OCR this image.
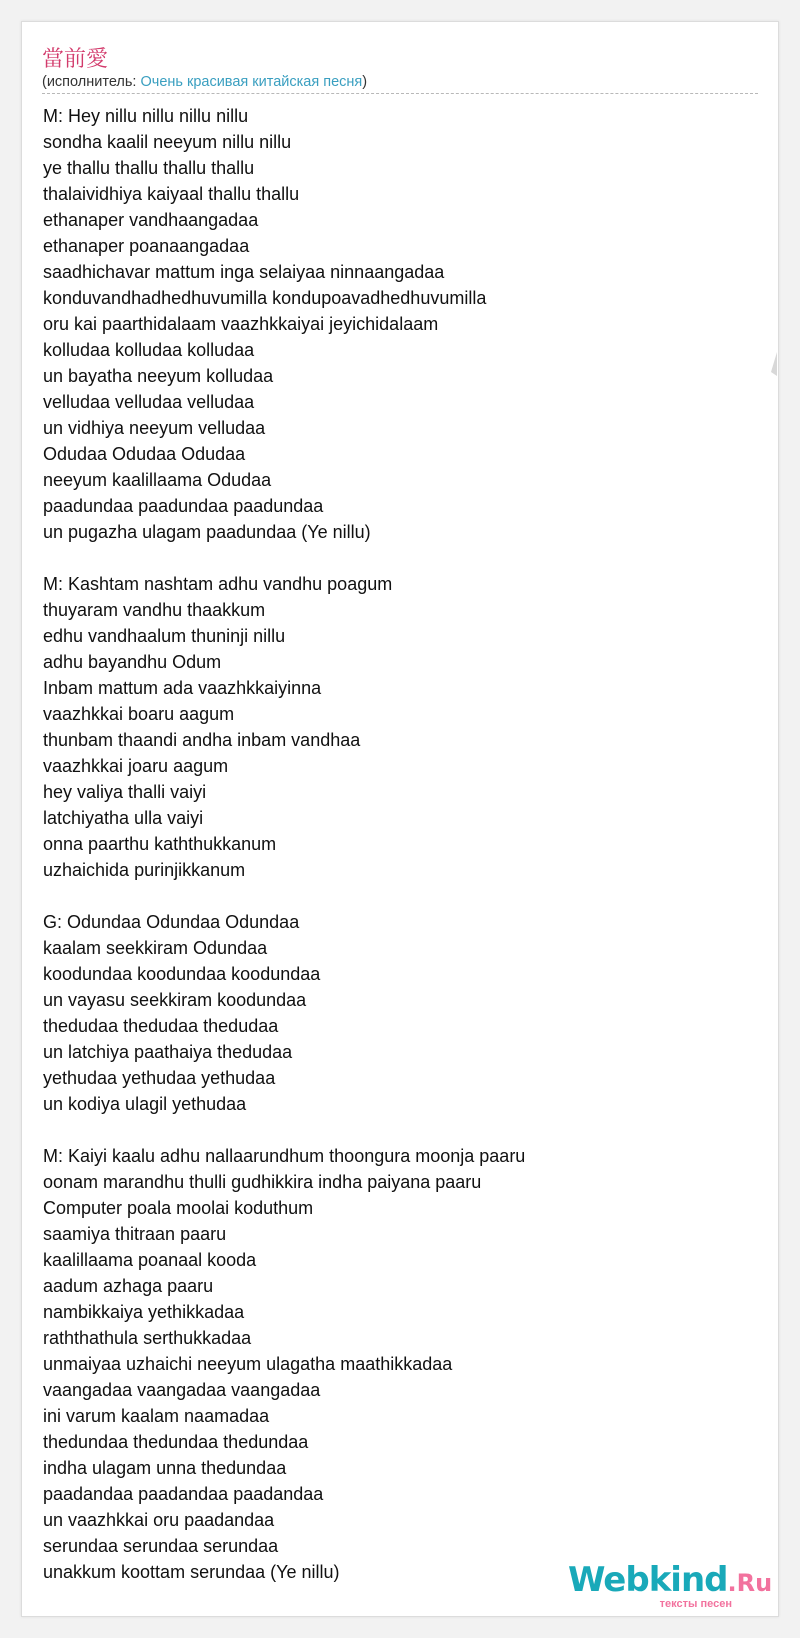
當前愛
(исполнитель: Очень красивая китайская песня)
M: Hey nillu nillu nillu nillu
sondha kaalil neeyum nillu nillu
ye thallu thallu thallu thallu
thalaividhiya kaiyaal thallu thallu
ethanaper vandhaangadaa
ethanaper poanaangadaa
saadhichavar mattum inga selaiyaa ninnaangadaa
konduvandhadhedhuvumilla kondupoavadhedhuvumilla
oru kai paarthidalaam vaazhkkaiyai jeyichidalaam
kolludaa kolludaa kolludaa
un bayatha neeyum kolludaa
velludaa velludaa velludaa
un vidhiya neeyum velludaa
Odudaa Odudaa Odudaa
neeyum kaalillaama Odudaa
paadundaa paadundaa paadundaa
un pugazha ulagam paadundaa (Ye nillu)
M: Kashtam nashtam adhu vandhu poagum
thuyaram vandhu thaakkum
edhu vandhaalum thuninji nillu
adhu bayandhu Odum
Inbam mattum ada vaazhkkaiyinna
vaazhkkai boaru aagum
thunbam thaandi andha inbam vandhaa
vaazhkkai joaru aagum
hey valiya thalli vaiyi
latchiyatha ulla vaiyi
onna paarthu kaththukkanum
uzhaichida purinjikkanum
G: Odundaa Odundaa Odundaa
kaalam seekkiram Odundaa
koodundaa koodundaa koodundaa
un vayasu seekkiram koodundaa
thedudaa thedudaa thedudaa
un latchiya paathaiya thedudaa
yethudaa yethudaa yethudaa
un kodiya ulagil yethudaa
M: Kaiyi kaalu adhu nallaarundhum thoongura moonja paaru
oonam marandhu thulli gudhikkira indha paiyana paaru
Computer poala moolai koduthum
saamiya thitraan paaru
kaalillaama poanaal kooda
aadum azhaga paaru
nambikkaiya yethikkadaa
raththathula serthukkadaa
unmaiyaa uzhaichi neeyum ulagatha maathikkadaa
vaangadaa vaangadaa vaangadaa
ini varum kaalam naamadaa
thedundaa thedundaa thedundaa
indha ulagam unna thedundaa
paadandaa paadandaa paadandaa
un vaazhkkai oru paadandaa
serundaa serundaa serundaa
unakkum koottam serundaa (Ye nillu)	Webkind.Ru
тексты песен
